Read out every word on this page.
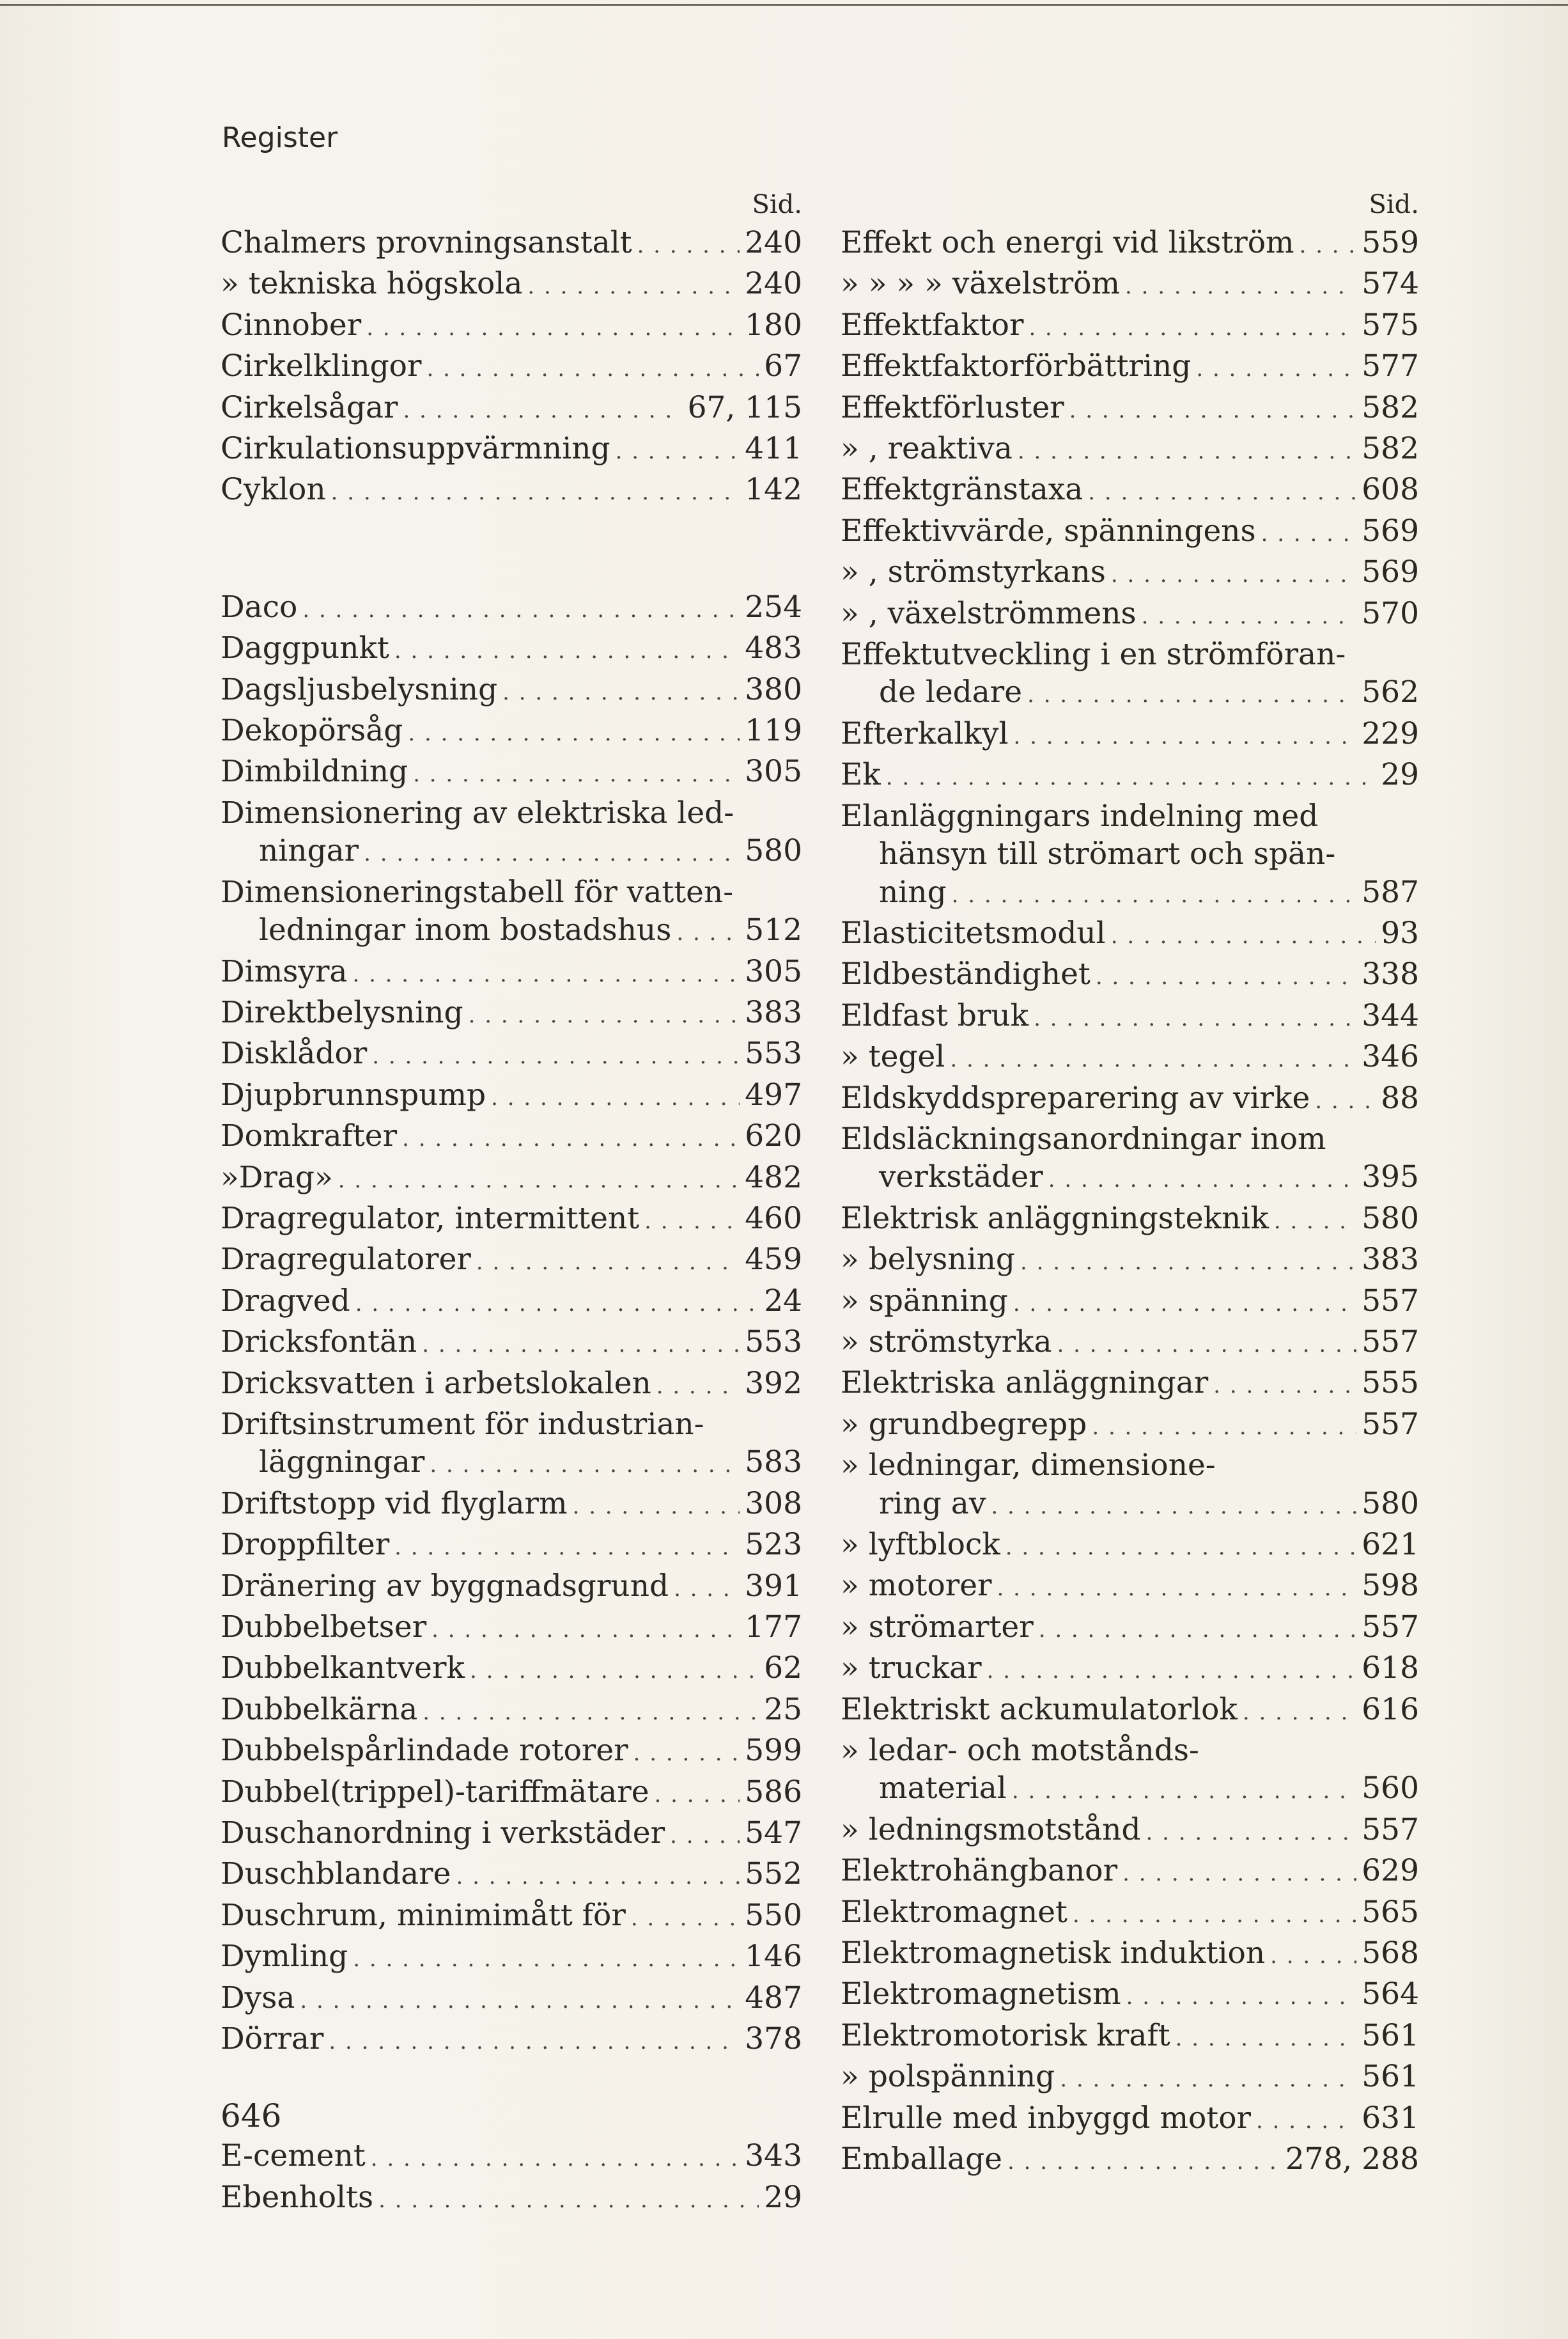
Register
Sid.
Chalmers provningsanstalt . . .	240
» tekniska högskola . . .	240
Cinnober . . .	180
Cirkelklingor . . .	67
Cirkelsågar . . .	67, 115
Cirkulationsuppvärmning . . .	411
Cyklon . . .	142
Daco . . .	254
Daggpunkt . . .	483
Dagsljusbelysning . . .	380
Dekopörsåg . . .	119
Dimbildning . . .	305
Dimensionering av elektriska led-
ningar . . .	580
Dimensioneringstabell för vatten-
ledningar inom bostadshus . . . 512
Dimsyra . . .	305
Direktbelysning . . .	383
Disklådor . . .	553
Djupbrunnspump . . .	497
Domkrafter . . .	620
»Drag» . . .	482
Dragregulator, intermittent . . .	460
Dragregulatorer . . .	459
Dragved . . .	24
Dricksfontän . . .	553
Dricksvatten i arbetslokalen . . .	392
Driftsinstrument för industrian-
läggningar . . .	583
Driftstopp vid flyglarm . . .	308
Droppfilter . . .	523
Dränering av byggnadsgrund . . .	391
Dubbelbetser . . .	177
Dubbelkantverk . . .	62
Dubbelkärna . . .	25
Dubbelspårlindade rotorer . . .	599
Dubbel(trippel)-tariffmätare . . .	586
Duschanordning i verkstäder . . .	547
Duschblandare . . .	552
Duschrum, minimimått för . . .	550
Dymling . . .	146
Dysa . . .	487
Dörrar . . .	378
E-cement . . .	343
Ebenholts . . .	29
Sid.
Effekt och energi vid likström . . . 559
» » » » växelström . . .	574
Effektfaktor . . .	575
Effektfaktorförbättring . . .	577
Effektförluster . . .	582
» , reaktiva . . .	582
Effektgränstaxa . . .	608
Effektivvärde, spänningens . . .	569
» , strömstyrkans . . .	569
» , växelströmmens . . .	570
Effektutveckling i en strömföran-
de ledare . . .	562
Efterkalkyl . . .	229
Ek . . .	29
Elanläggningars indelning med
hänsyn till strömart och spän-
ning . . .	587
Elasticitetsmodul . . .	93
Eldbeständighet . . .	338
Eldfast bruk . . .	344
» tegel . . .	346
Eldskyddspreparering av virke . . . 88
Eldsläckningsanordningar inom
verkstäder . . .	395
Elektrisk anläggningsteknik . . .	580
» belysning . . .	383
» spänning . . .	557
» strömstyrka . . .	557
Elektriska anläggningar . . .	555
» grundbegrepp . . .	557
» ledningar, dimensione-
ring av . . .	580
» lyftblock . . .	621
» motorer . . .	598
» strömarter . . .	557
» truckar . . .	618
Elektriskt ackumulatorlok . . .	616
» ledar- och motstånds-
material . . .	560
» ledningsmotstånd . . .	557
Elektrohängbanor . . .	629
Elektromagnet . . .	565
Elektromagnetisk induktion . . .	568
Elektromagnetism . . .	564
Elektromotorisk kraft . . .	561
» polspänning . . .	561
Elrulle med inbyggd motor . . .	631
Emballage . . .	278, 288
646
